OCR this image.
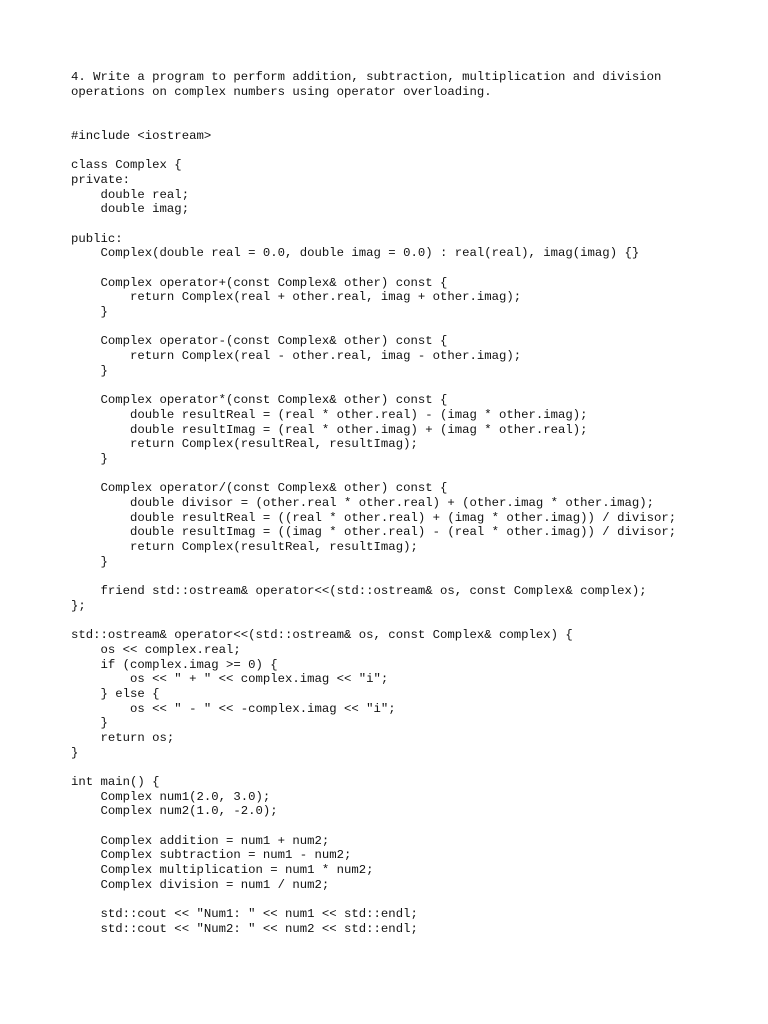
4. Write a program to perform addition, subtraction, multiplication and division
operations on complex numbers using operator overloading.
#include <iostream>
class Complex {
private:
double real;
double imag;
public:
Complex(double real = 0.0, double imag = 0.0) : real(real), imag(imag) {}
Complex operator+(const Complex& other) const {
return Complex(real + other.real, imag + other.imag);
}
Complex operator-(const Complex& other) const {
return Complex(real - other.real, imag - other.imag);
}
Complex operator*(const Complex& other) const {
double resultReal = (real * other.real) - (imag * other.imag);
double resultImag = (real * other.imag) + (imag * other.real);
return Complex(resultReal, resultImag);
}
Complex operator/(const Complex& other) const {
double divisor = (other.real * other.real) + (other.imag * other.imag);
double resultReal = ((real * other.real) + (imag * other.imag)) / divisor;
double resultImag = ((imag * other.real) - (real * other.imag)) / divisor;
return Complex(resultReal, resultImag);
}
friend std::ostream& operator<<(std::ostream& os, const Complex& complex);
};
std::ostream& operator<<(std::ostream& os, const Complex& complex) {
os << complex.real;
if (complex.imag >= 0) {
os << " + " << complex.imag << "i";
} else {
os << " - " << -complex.imag << "i";
}
return os;
}
int main() {
Complex num1(2.0, 3.0);
Complex num2(1.0, -2.0);
Complex addition = num1 + num2;
Complex subtraction = num1 - num2;
Complex multiplication = num1 * num2;
Complex division = num1 / num2;
std::cout << "Num1: " << num1 << std::endl;
std::cout << "Num2: " << num2 << std::endl;
